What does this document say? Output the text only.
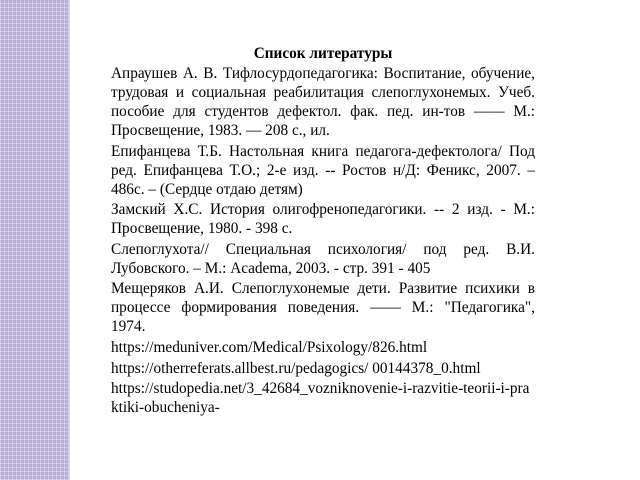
Список литературы
Апраушев А. В. Тифлосурдопедагогика: Воспитание, обучение, трудовая и социальная реабилитация слепоглухонемых. Учеб. пособие для студентов дефектол. фак. пед. ин-тов —— М.: Просвещение, 1983. — 208 с., ил.
Епифанцева Т.Б. Настольная книга педагога-дефектолога/ Под ред. Епифанцева Т.О.; 2-е изд. -- Ростов н/Д: Феникс, 2007. – 486с. – (Сердце отдаю детям)
Замский Х.С. История олигофренопедагогики. -- 2 изд. - М.: Просвещение, 1980. - 398 с.
Слепоглухота// Специальная психология/ под ред. В.И. Лубовского. – М.: Academa, 2003. - стр. 391 - 405
Мещеряков А.И. Слепоглухонемые дети. Развитие психики в процессе формирования поведения. —— М.: "Педагогика", 1974.
https://meduniver.com/Medical/Psixology/826.html
https://otherreferats.allbest.ru/pedagogics/ 00144378_0.html
https://studopedia.net/3_42684_vozniknovenie-i-razvitie-teorii-i-praktiki-obucheniya-
